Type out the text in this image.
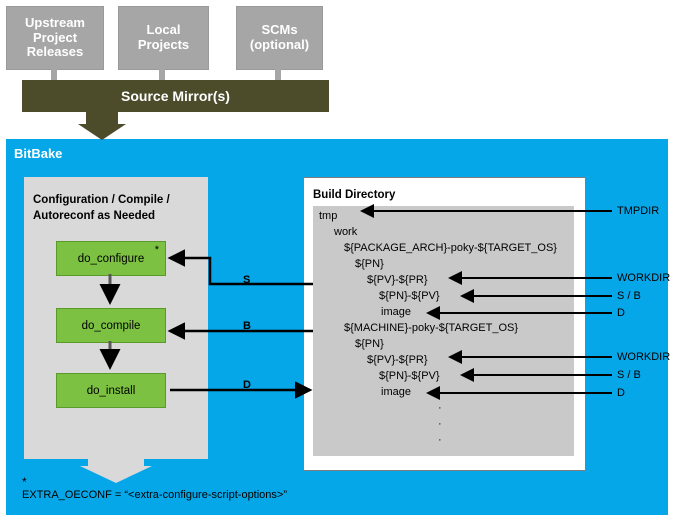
Upstream
Project
Releases
Local
Projects
SCMs
(optional)
Source Mirror(s)
BitBake
Configuration / Compile /
Autoreconf as Needed
do_configure
*
do_compile
do_install
Build Directory
tmp
work
${PACKAGE_ARCH}-poky-${TARGET_OS}
${PN}
${PV}-${PR}
${PN}-${PV}
image
${MACHINE}-poky-${TARGET_OS}
${PN}
${PV}-${PR}
${PN}-${PV}
image
·
·
·
TMPDIR
WORKDIR
S / B
D
WORKDIR
S / B
D
S
B
D
*
EXTRA_OECONF = “<extra-configure-script-options>”
